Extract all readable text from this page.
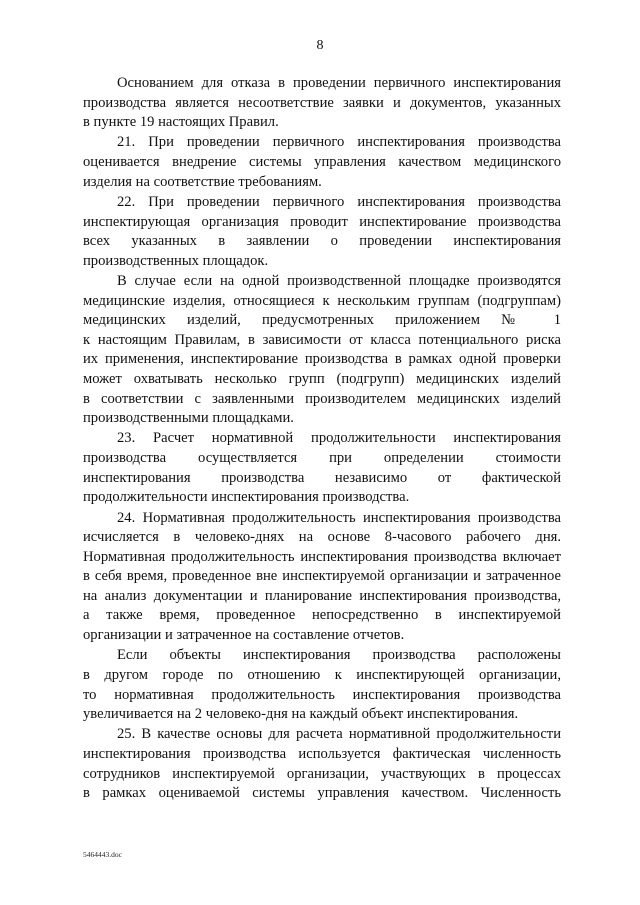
8
Основанием для отказа в проведении первичного инспектирования
производства является несоответствие заявки и документов, указанных
в пункте 19 настоящих Правил.
21. При проведении первичного инспектирования производства
оценивается внедрение системы управления качеством медицинского
изделия на соответствие требованиям.
22. При проведении первичного инспектирования производства
инспектирующая организация проводит инспектирование производства
всех указанных в заявлении о проведении инспектирования
производственных площадок.
В случае если на одной производственной площадке производятся
медицинские изделия, относящиеся к нескольким группам (подгруппам)
медицинских изделий, предусмотренных приложением № 1
к настоящим Правилам, в зависимости от класса потенциального риска
их применения, инспектирование производства в рамках одной проверки
может охватывать несколько групп (подгрупп) медицинских изделий
в соответствии с заявленными производителем медицинских изделий
производственными площадками.
23. Расчет нормативной продолжительности инспектирования
производства осуществляется при определении стоимости
инспектирования производства независимо от фактической
продолжительности инспектирования производства.
24. Нормативная продолжительность инспектирования производства
исчисляется в человеко-днях на основе 8-часового рабочего дня.
Нормативная продолжительность инспектирования производства включает
в себя время, проведенное вне инспектируемой организации и затраченное
на анализ документации и планирование инспектирования производства,
а также время, проведенное непосредственно в инспектируемой
организации и затраченное на составление отчетов.
Если объекты инспектирования производства расположены
в другом городе по отношению к инспектирующей организации,
то нормативная продолжительность инспектирования производства
увеличивается на 2 человеко-дня на каждый объект инспектирования.
25. В качестве основы для расчета нормативной продолжительности
инспектирования производства используется фактическая численность
сотрудников инспектируемой организации, участвующих в процессах
в рамках оцениваемой системы управления качеством. Численность
5464443.doc
